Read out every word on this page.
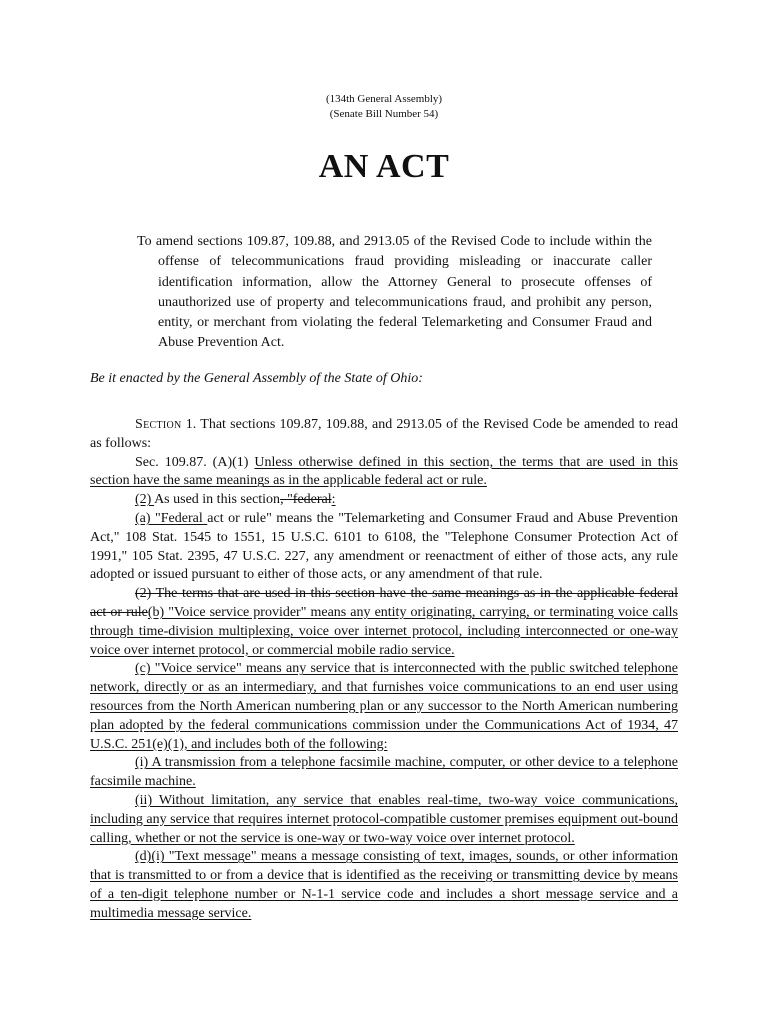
(134th General Assembly)
(Senate Bill Number 54)
AN ACT
To amend sections 109.87, 109.88, and 2913.05 of the Revised Code to include within the offense of telecommunications fraud providing misleading or inaccurate caller identification information, allow the Attorney General to prosecute offenses of unauthorized use of property and telecommunications fraud, and prohibit any person, entity, or merchant from violating the federal Telemarketing and Consumer Fraud and Abuse Prevention Act.
Be it enacted by the General Assembly of the State of Ohio:

Section 1. That sections 109.87, 109.88, and 2913.05 of the Revised Code be amended to read as follows:

Sec. 109.87. (A)(1) Unless otherwise defined in this section, the terms that are used in this section have the same meanings as in the applicable federal act or rule.

(2) As used in this section, "federal:

(a) "Federal act or rule" means the "Telemarketing and Consumer Fraud and Abuse Prevention Act," 108 Stat. 1545 to 1551, 15 U.S.C. 6101 to 6108, the "Telephone Consumer Protection Act of 1991," 105 Stat. 2395, 47 U.S.C. 227, any amendment or reenactment of either of those acts, any rule adopted or issued pursuant to either of those acts, or any amendment of that rule.

(2) The terms that are used in this section have the same meanings as in the applicable federal act or rule(b) "Voice service provider" means any entity originating, carrying, or terminating voice calls through time-division multiplexing, voice over internet protocol, including interconnected or one-way voice over internet protocol, or commercial mobile radio service.

(c) "Voice service" means any service that is interconnected with the public switched telephone network, directly or as an intermediary, and that furnishes voice communications to an end user using resources from the North American numbering plan or any successor to the North American numbering plan adopted by the federal communications commission under the Communications Act of 1934, 47 U.S.C. 251(e)(1), and includes both of the following:

(i) A transmission from a telephone facsimile machine, computer, or other device to a telephone facsimile machine.

(ii) Without limitation, any service that enables real-time, two-way voice communications, including any service that requires internet protocol-compatible customer premises equipment out-bound calling, whether or not the service is one-way or two-way voice over internet protocol.

(d)(i) "Text message" means a message consisting of text, images, sounds, or other information that is transmitted to or from a device that is identified as the receiving or transmitting device by means of a ten-digit telephone number or N-1-1 service code and includes a short message service and a multimedia message service.
